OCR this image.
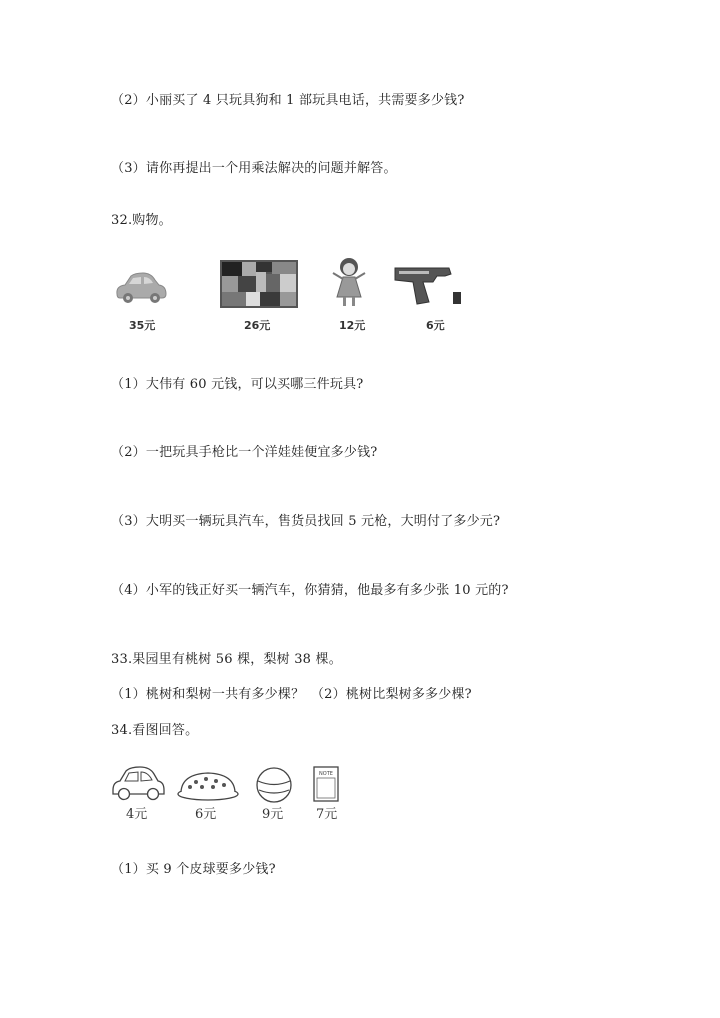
（2）小丽买了 4 只玩具狗和 1 部玩具电话，共需要多少钱?
（3）请你再提出一个用乘法解决的问题并解答。
32.购物。
35元	26元	12元	6元
（1）大伟有 60 元钱，可以买哪三件玩具?
（2）一把玩具手枪比一个洋娃娃便宜多少钱?
（3）大明买一辆玩具汽车，售货员找回 5 元枪，大明付了多少元?
（4）小军的钱正好买一辆汽车，你猜猜，他最多有多少张 10 元的?
33.果园里有桃树 56 棵，梨树 38 棵。
（1）桃树和梨树一共有多少棵？　（2）桃树比梨树多多少棵?
34.看图回答。
4元	6元	9元
NOTE
7元
（1）买 9 个皮球要多少钱?
